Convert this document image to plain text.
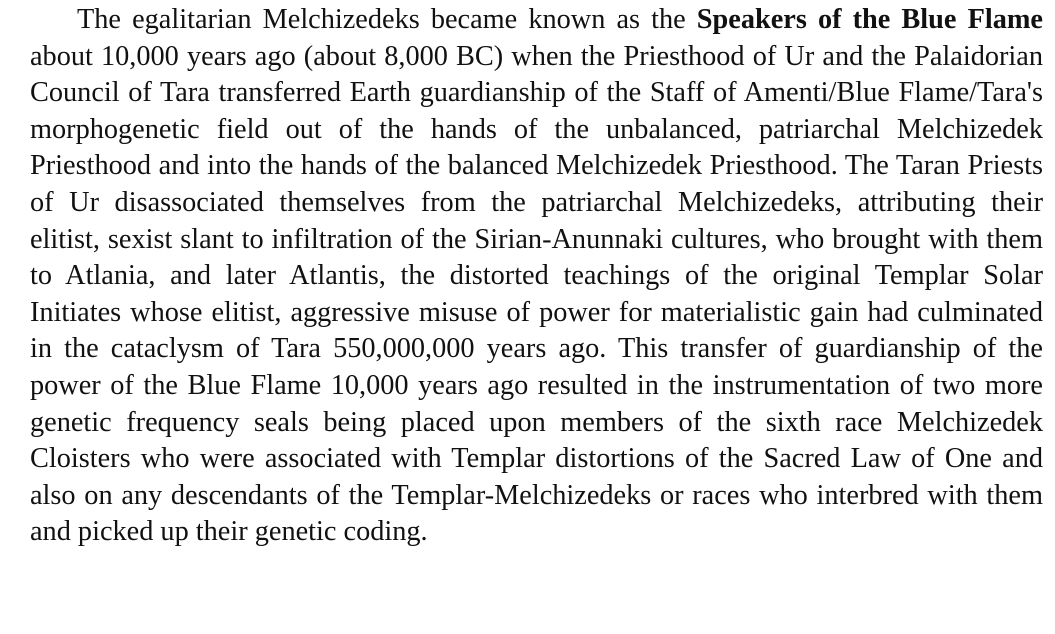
The egalitarian Melchizedeks became known as the Speakers of the Blue Flame about 10,000 years ago (about 8,000 BC) when the Priesthood of Ur and the Palaidorian Council of Tara transferred Earth guardianship of the Staff of Amenti/Blue Flame/Tara's morphogenetic field out of the hands of the unbalanced, patriarchal Melchizedek Priesthood and into the hands of the balanced Melchizedek Priesthood. The Taran Priests of Ur disassociated themselves from the patriarchal Melchizedeks, attributing their elitist, sexist slant to infiltration of the Sirian-Anunnaki cultures, who brought with them to Atlania, and later Atlantis, the distorted teachings of the original Templar Solar Initiates whose elitist, aggressive misuse of power for materialistic gain had culminated in the cataclysm of Tara 550,000,000 years ago. This transfer of guardianship of the power of the Blue Flame 10,000 years ago resulted in the instrumentation of two more genetic frequency seals being placed upon members of the sixth race Melchizedek Cloisters who were associated with Templar distortions of the Sacred Law of One and also on any descendants of the Templar-Melchizedeks or races who interbred with them and picked up their genetic coding.
